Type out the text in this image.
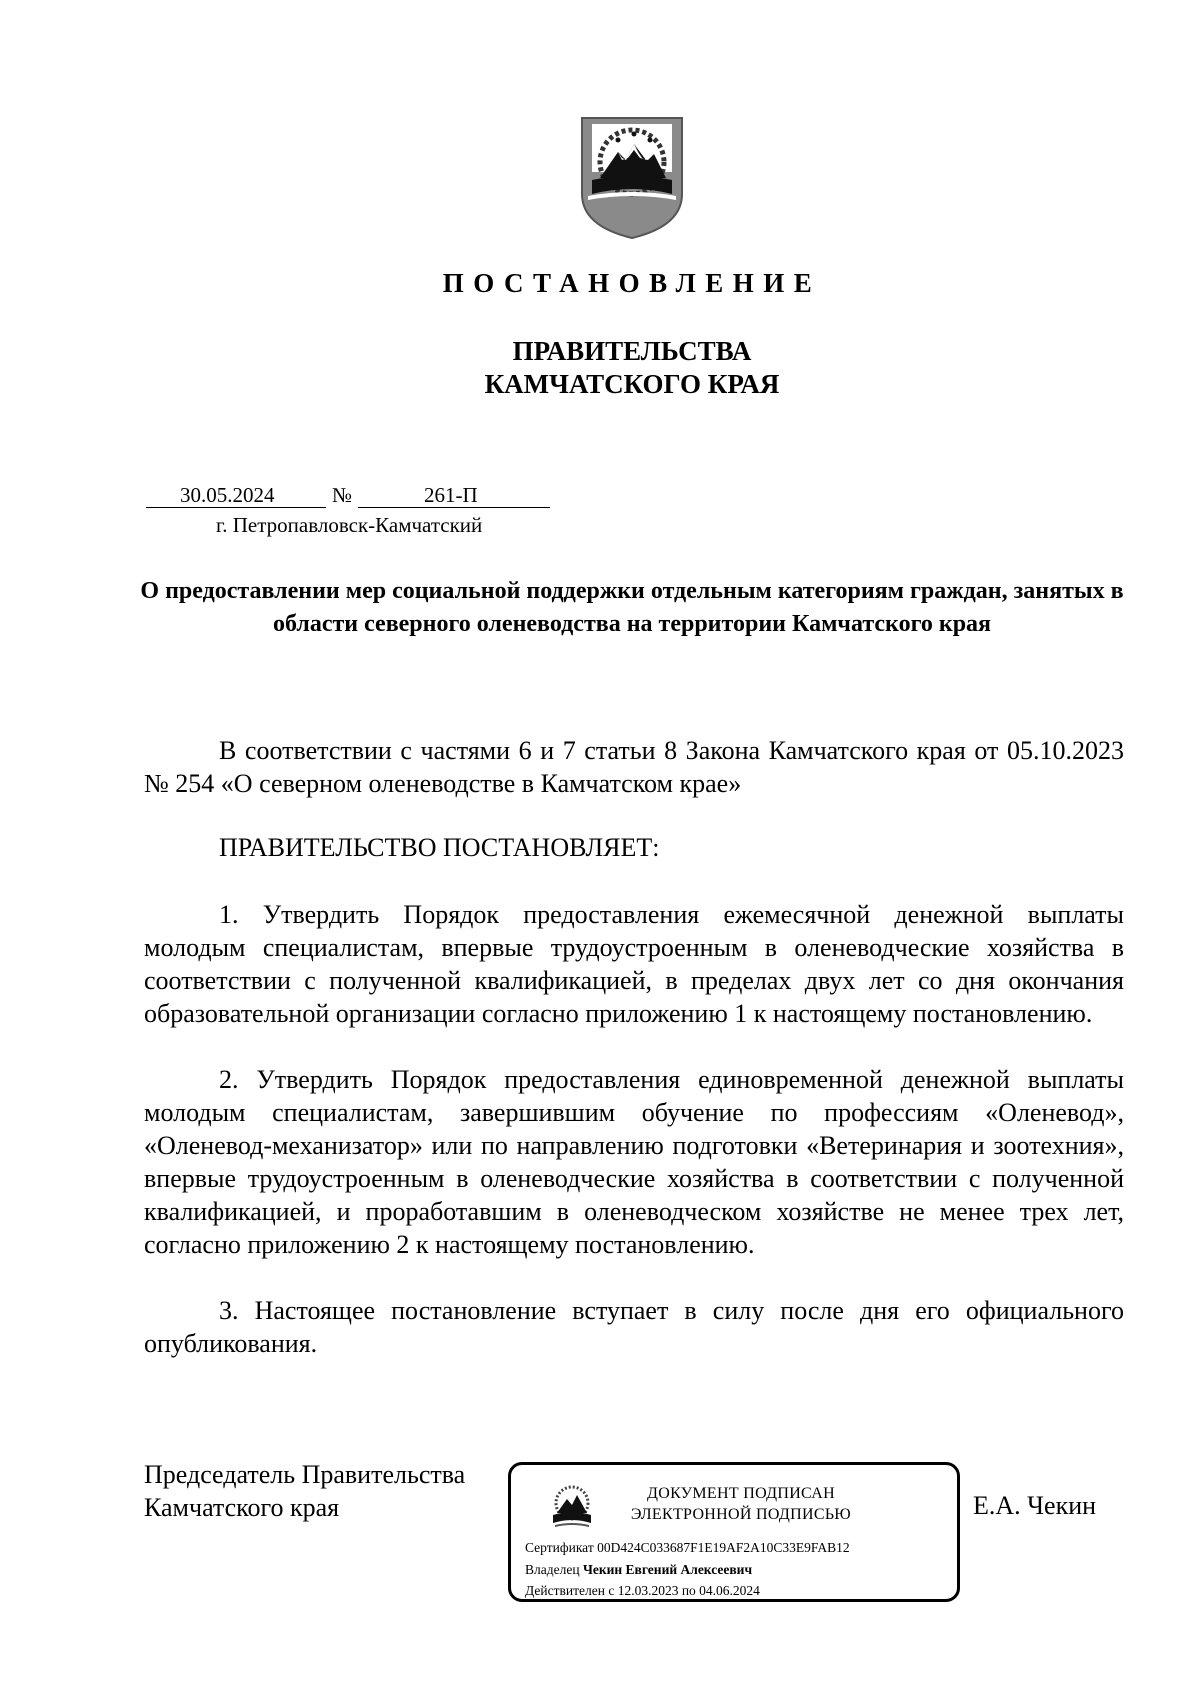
ПОСТАНОВЛЕНИЕ
ПРАВИТЕЛЬСТВА
КАМЧАТСКОГО КРАЯ
30.05.2024	№	261-П
г. Петропавловск-Камчатский
О предоставлении мер социальной поддержки отдельным категориям граждан, занятых в области северного оленеводства на территории Камчатского края
В соответствии с частями 6 и 7 статьи 8 Закона Камчатского края от 05.10.2023 № 254 «О северном оленеводстве в Камчатском крае»
ПРАВИТЕЛЬСТВО ПОСТАНОВЛЯЕТ:
1. Утвердить Порядок предоставления ежемесячной денежной выплаты молодым специалистам, впервые трудоустроенным в оленеводческие хозяйства в соответствии с полученной квалификацией, в пределах двух лет со дня окончания образовательной организации согласно приложению 1 к настоящему постановлению.
2. Утвердить Порядок предоставления единовременной денежной выплаты молодым специалистам, завершившим обучение по профессиям «Оленевод», «Оленевод-механизатор» или по направлению подготовки «Ветеринария и зоотехния», впервые трудоустроенным в оленеводческие хозяйства в соответствии с полученной квалификацией, и проработавшим в оленеводческом хозяйстве не менее трех лет, согласно приложению 2 к настоящему постановлению.
3. Настоящее постановление вступает в силу после дня его официального опубликования.
Председатель Правительства
Камчатского края	ДОКУМЕНТ ПОДПИСАН
ЭЛЕКТРОННОЙ ПОДПИСЬЮ
Сертификат 00D424C033687F1E19AF2A10C33E9FAB12
Владелец Чекин Евгений Алексеевич
Действителен с 12.03.2023 по 04.06.2024
Е.А. Чекин
